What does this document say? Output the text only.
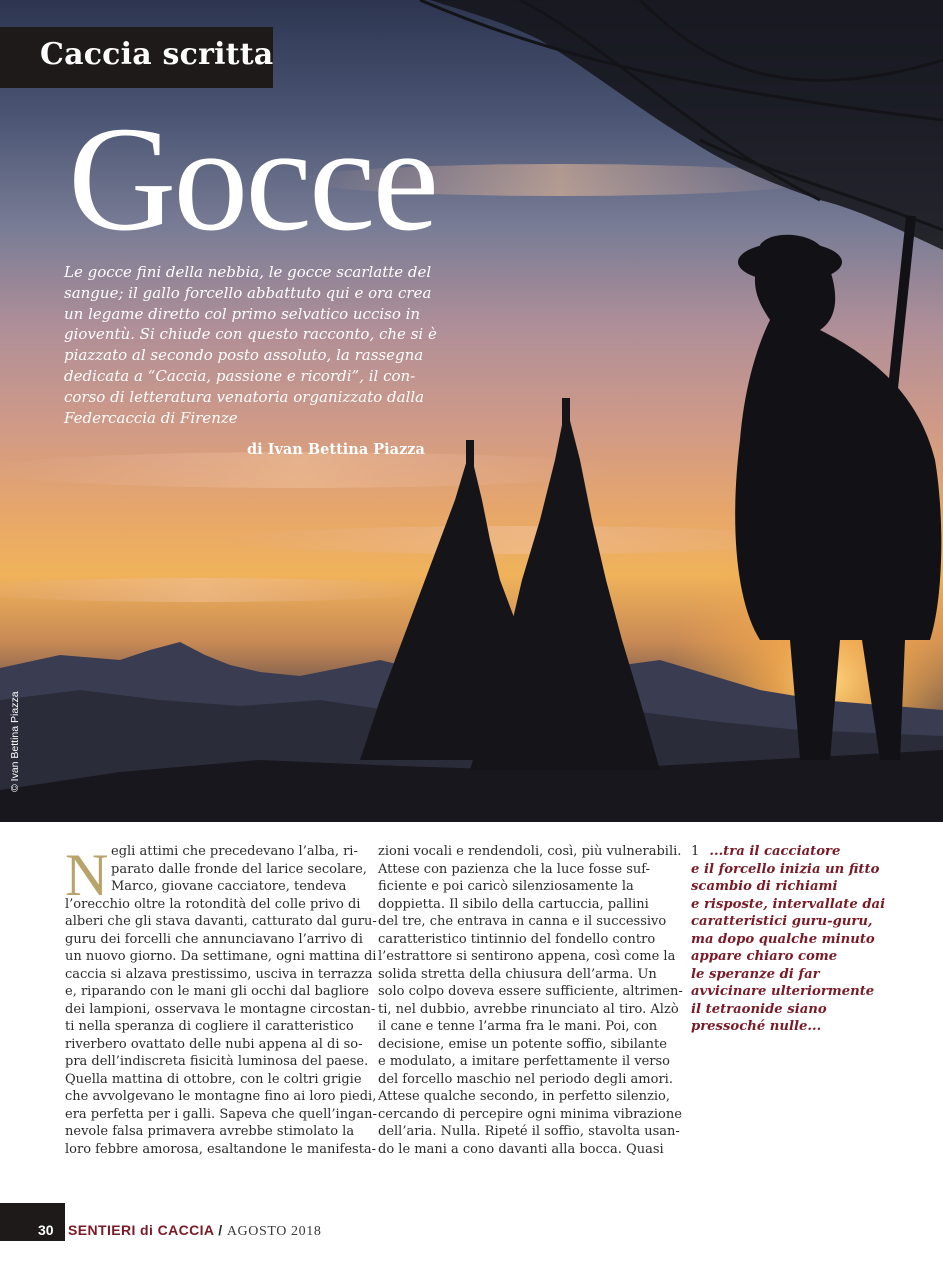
Caccia scritta
Gocce
Le gocce fini della nebbia, le gocce scarlatte del
sangue; il gallo forcello abbattuto qui e ora crea
un legame diretto col primo selvatico ucciso in
gioventù. Si chiude con questo racconto, che si è
piazzato al secondo posto assoluto, la rassegna
dedicata a “Caccia, passione e ricordi”, il con-
corso di letteratura venatoria organizzato dalla
Federcaccia di Firenze
di Ivan Bettina Piazza
© Ivan Bettina Piazza
N egli attimi che precedevano l’alba, ri-
parato dalle fronde del larice secolare,
Marco, giovane cacciatore, tendeva
l’orecchio oltre la rotondità del colle privo di
alberi che gli stava davanti, catturato dal guru-
guru dei forcelli che annunciavano l’arrivo di
un nuovo giorno. Da settimane, ogni mattina di
caccia si alzava prestissimo, usciva in terrazza
e, riparando con le mani gli occhi dal bagliore
dei lampioni, osservava le montagne circostan-
ti nella speranza di cogliere il caratteristico
riverbero ovattato delle nubi appena al di so-
pra dell’indiscreta fisicità luminosa del paese.
Quella mattina di ottobre, con le coltri grigie
che avvolgevano le montagne fino ai loro piedi,
era perfetta per i galli. Sapeva che quell’ingan-
nevole falsa primavera avrebbe stimolato la
loro febbre amorosa, esaltandone le manifesta-
zioni vocali e rendendoli, così, più vulnerabili.
Attese con pazienza che la luce fosse suf-
ficiente e poi caricò silenziosamente la
doppietta. Il sibilo della cartuccia, pallini
del tre, che entrava in canna e il successivo
caratteristico tintinnio del fondello contro
l’estrattore si sentirono appena, così come la
solida stretta della chiusura dell’arma. Un
solo colpo doveva essere sufficiente, altrimen-
ti, nel dubbio, avrebbe rinunciato al tiro. Alzò
il cane e tenne l’arma fra le mani. Poi, con
decisione, emise un potente soffio, sibilante
e modulato, a imitare perfettamente il verso
del forcello maschio nel periodo degli amori.
Attese qualche secondo, in perfetto silenzio,
cercando di percepire ogni minima vibrazione
dell’aria. Nulla. Ripeté il soffio, stavolta usan-
do le mani a cono davanti alla bocca. Quasi
1 ...tra il cacciatore
e il forcello inizia un fitto
scambio di richiami
e risposte, intervallate dai
caratteristici guru-guru,
ma dopo qualche minuto
appare chiaro come
le speranze di far
avvicinare ulteriormente
il tetraonide siano
pressoché nulle...
30 SENTIERI di CACCIA / AGOSTO 2018
